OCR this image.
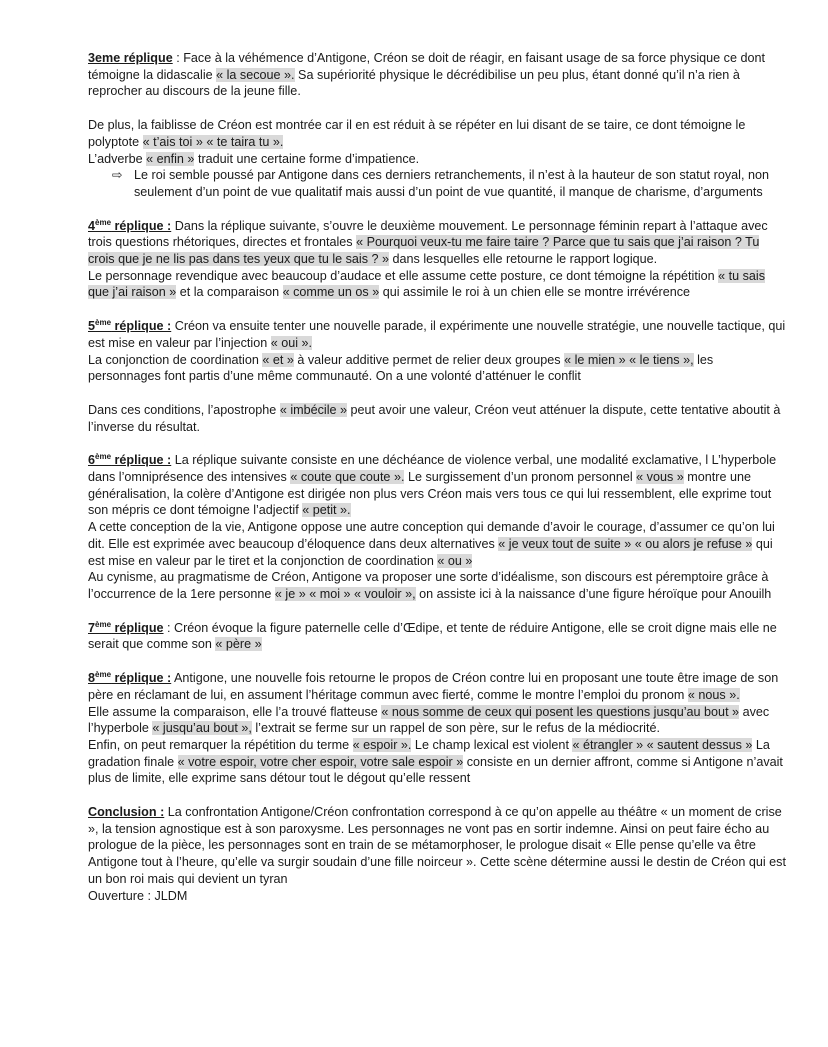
3eme réplique : Face à la véhémence d’Antigone, Créon se doit de réagir, en faisant usage de sa force physique ce dont témoigne la didascalie « la secoue ». Sa supériorité physique le décrédibilise un peu plus, étant donné qu’il n’a rien à reprocher au discours de la jeune fille.

De plus, la faiblisse de Créon est montrée car il en est réduit à se répéter en lui disant de se taire, ce dont témoigne le polyptote « t’ais toi » « te taira tu ».

L’adverbe « enfin » traduit une certaine forme d’impatience.

⇨ Le roi semble poussé par Antigone dans ces derniers retranchements, il n’est à la hauteur de son statut royal, non seulement d’un point de vue qualitatif mais aussi d’un point de vue quantité, il manque de charisme, d’arguments

4ème réplique : Dans la réplique suivante, s’ouvre le deuxième mouvement. Le personnage féminin repart à l’attaque avec trois questions rhétoriques, directes et frontales « Pourquoi veux-tu me faire taire ? Parce que tu sais que j’ai raison ? Tu crois que je ne lis pas dans tes yeux que tu le sais ? » dans lesquelles elle retourne le rapport logique.

Le personnage revendique avec beaucoup d’audace et elle assume cette posture, ce dont témoigne la répétition « tu sais que j’ai raison » et la comparaison « comme un os » qui assimile le roi à un chien elle se montre irrévérence

5ème réplique : Créon va ensuite tenter une nouvelle parade, il expérimente une nouvelle stratégie, une nouvelle tactique, qui est mise en valeur par l’injection « oui ».

La conjonction de coordination « et » à valeur additive permet de relier deux groupes « le mien » « le tiens », les personnages font partis d’une même communauté. On a une volonté d’atténuer le conflit

Dans ces conditions, l’apostrophe « imbécile » peut avoir une valeur, Créon veut atténuer la dispute, cette tentative aboutit à l’inverse du résultat.

6ème réplique : La réplique suivante consiste en une déchéance de violence verbal, une modalité exclamative, l L’hyperbole dans l’omniprésence des intensives « coute que coute ». Le surgissement d’un pronom personnel « vous » montre une généralisation, la colère d’Antigone est dirigée non plus vers Créon mais vers tous ce qui lui ressemblent, elle exprime tout son mépris ce dont témoigne l’adjectif « petit ».

A cette conception de la vie, Antigone oppose une autre conception qui demande d’avoir le courage, d’assumer ce qu’on lui dit. Elle est exprimée avec beaucoup d’éloquence dans deux alternatives « je veux tout de suite » « ou alors je refuse » qui est mise en valeur par le tiret et la conjonction de coordination « ou »

Au cynisme, au pragmatisme de Créon, Antigone va proposer une sorte d’idéalisme, son discours est péremptoire grâce à l’occurrence de la 1ere personne « je » « moi » « vouloir », on assiste ici à la naissance d’une figure héroïque pour Anouilh

7ème réplique : Créon évoque la figure paternelle celle d’Œdipe, et tente de réduire Antigone, elle se croit digne mais elle ne serait que comme son « père »

8ème réplique : Antigone, une nouvelle fois retourne le propos de Créon contre lui en proposant une toute être image de son père en réclamant de lui, en assument l’héritage commun avec fierté, comme le montre l’emploi du pronom « nous ».

Elle assume la comparaison, elle l’a trouvé flatteuse « nous somme de ceux qui posent les questions jusqu’au bout » avec l’hyperbole « jusqu’au bout », l’extrait se ferme sur un rappel de son père, sur le refus de la médiocrité.

Enfin, on peut remarquer la répétition du terme « espoir ». Le champ lexical est violent « étrangler » « sautent dessus » La gradation finale « votre espoir, votre cher espoir, votre sale espoir » consiste en un dernier affront, comme si Antigone n’avait plus de limite, elle exprime sans détour tout le dégout qu’elle ressent

Conclusion : La confrontation Antigone/Créon confrontation correspond à ce qu’on appelle au théâtre « un moment de crise », la tension agnostique est à son paroxysme. Les personnages ne vont pas en sortir indemne. Ainsi on peut faire écho au prologue de la pièce, les personnages sont en train de se métamorphoser, le prologue disait « Elle pense qu’elle va être Antigone tout à l’heure, qu’elle va surgir soudain d’une fille noirceur ». Cette scène détermine aussi le destin de Créon qui est un bon roi mais qui devient un tyran

Ouverture : JLDM
